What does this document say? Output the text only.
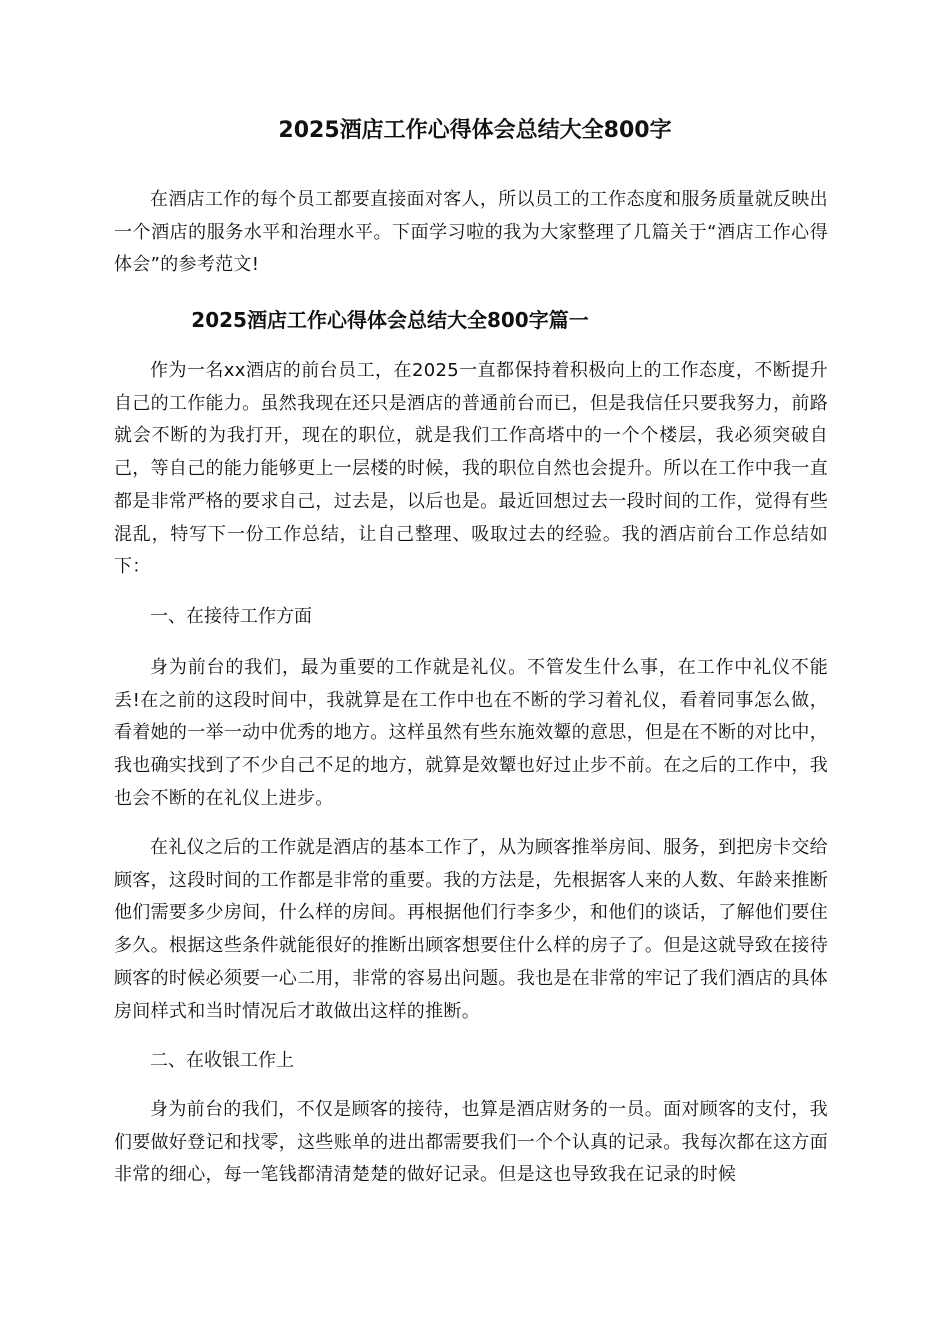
2025酒店工作心得体会总结大全800字

在酒店工作的每个员工都要直接面对客人，所以员工的工作态度和服务质量就反映出一个酒店的服务水平和治理水平。下面学习啦的我为大家整理了几篇关于“酒店工作心得体会”的参考范文!

2025酒店工作心得体会总结大全800字篇一

作为一名xx酒店的前台员工，在2025一直都保持着积极向上的工作态度，不断提升自己的工作能力。虽然我现在还只是酒店的普通前台而已，但是我信任只要我努力，前路就会不断的为我打开，现在的职位，就是我们工作高塔中的一个个楼层，我必须突破自己，等自己的能力能够更上一层楼的时候，我的职位自然也会提升。所以在工作中我一直都是非常严格的要求自己，过去是，以后也是。最近回想过去一段时间的工作，觉得有些混乱，特写下一份工作总结，让自己整理、吸取过去的经验。我的酒店前台工作总结如下：

一、在接待工作方面

身为前台的我们，最为重要的工作就是礼仪。不管发生什么事，在工作中礼仪不能丢!在之前的这段时间中，我就算是在工作中也在不断的学习着礼仪，看着同事怎么做，看着她的一举一动中优秀的地方。这样虽然有些东施效颦的意思，但是在不断的对比中，我也确实找到了不少自己不足的地方，就算是效颦也好过止步不前。在之后的工作中，我也会不断的在礼仪上进步。

在礼仪之后的工作就是酒店的基本工作了，从为顾客推举房间、服务，到把房卡交给顾客，这段时间的工作都是非常的重要。我的方法是，先根据客人来的人数、年龄来推断他们需要多少房间，什么样的房间。再根据他们行李多少，和他们的谈话，了解他们要住多久。根据这些条件就能很好的推断出顾客想要住什么样的房子了。但是这就导致在接待顾客的时候必须要一心二用，非常的容易出问题。我也是在非常的牢记了我们酒店的具体房间样式和当时情况后才敢做出这样的推断。

二、在收银工作上

身为前台的我们，不仅是顾客的接待，也算是酒店财务的一员。面对顾客的支付，我们要做好登记和找零，这些账单的进出都需要我们一个个认真的记录。我每次都在这方面非常的细心，每一笔钱都清清楚楚的做好记录。但是这也导致我在记录的时候
